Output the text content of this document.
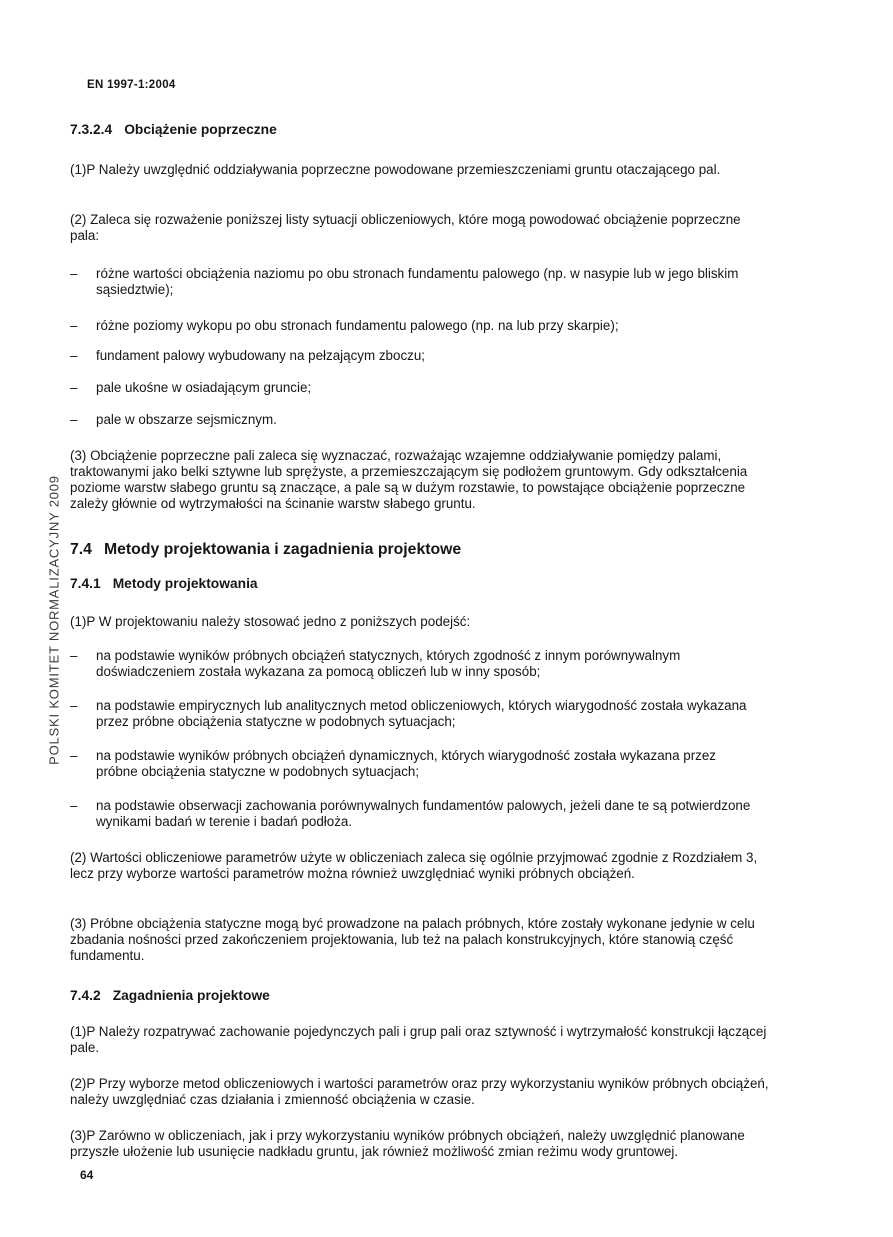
EN 1997-1:2004
POLSKI KOMITET NORMALIZACYJNY 2009
7.3.2.4 Obciążenie poprzeczne

(1)P Należy uwzględnić oddziaływania poprzeczne powodowane przemieszczeniami gruntu otaczającego pal.

(2) Zaleca się rozważenie poniższej listy sytuacji obliczeniowych, które mogą powodować obciążenie poprzeczne pala:

– różne wartości obciążenia naziomu po obu stronach fundamentu palowego (np. w nasypie lub w jego bliskim sąsiedztwie);
– różne poziomy wykopu po obu stronach fundamentu palowego (np. na lub przy skarpie);
– fundament palowy wybudowany na pełzającym zboczu;
– pale ukośne w osiadającym gruncie;
– pale w obszarze sejsmicznym.

(3) Obciążenie poprzeczne pali zaleca się wyznaczać, rozważając wzajemne oddziaływanie pomiędzy palami, traktowanymi jako belki sztywne lub sprężyste, a przemieszczającym się podłożem gruntowym. Gdy odkształcenia poziome warstw słabego gruntu są znaczące, a pale są w dużym rozstawie, to powstające obciążenie poprzeczne zależy głównie od wytrzymałości na ścinanie warstw słabego gruntu.

7.4 Metody projektowania i zagadnienia projektowe
7.4.1 Metody projektowania

(1)P W projektowaniu należy stosować jedno z poniższych podejść:

– na podstawie wyników próbnych obciążeń statycznych, których zgodność z innym porównywalnym doświadczeniem została wykazana za pomocą obliczeń lub w inny sposób;
– na podstawie empirycznych lub analitycznych metod obliczeniowych, których wiarygodność została wykazana przez próbne obciążenia statyczne w podobnych sytuacjach;
– na podstawie wyników próbnych obciążeń dynamicznych, których wiarygodność została wykazana przez próbne obciążenia statyczne w podobnych sytuacjach;
– na podstawie obserwacji zachowania porównywalnych fundamentów palowych, jeżeli dane te są potwierdzone wynikami badań w terenie i badań podłoża.

(2) Wartości obliczeniowe parametrów użyte w obliczeniach zaleca się ogólnie przyjmować zgodnie z Rozdziałem 3, lecz przy wyborze wartości parametrów można również uwzględniać wyniki próbnych obciążeń.

(3) Próbne obciążenia statyczne mogą być prowadzone na palach próbnych, które zostały wykonane jedynie w celu zbadania nośności przed zakończeniem projektowania, lub też na palach konstrukcyjnych, które stanowią część fundamentu.

7.4.2 Zagadnienia projektowe

(1)P Należy rozpatrywać zachowanie pojedynczych pali i grup pali oraz sztywność i wytrzymałość konstrukcji łączącej pale.

(2)P Przy wyborze metod obliczeniowych i wartości parametrów oraz przy wykorzystaniu wyników próbnych obciążeń, należy uwzględniać czas działania i zmienność obciążenia w czasie.

(3)P Zarówno w obliczeniach, jak i przy wykorzystaniu wyników próbnych obciążeń, należy uwzględnić planowane przyszłe ułożenie lub usunięcie nadkładu gruntu, jak również możliwość zmian reżimu wody gruntowej.

64
